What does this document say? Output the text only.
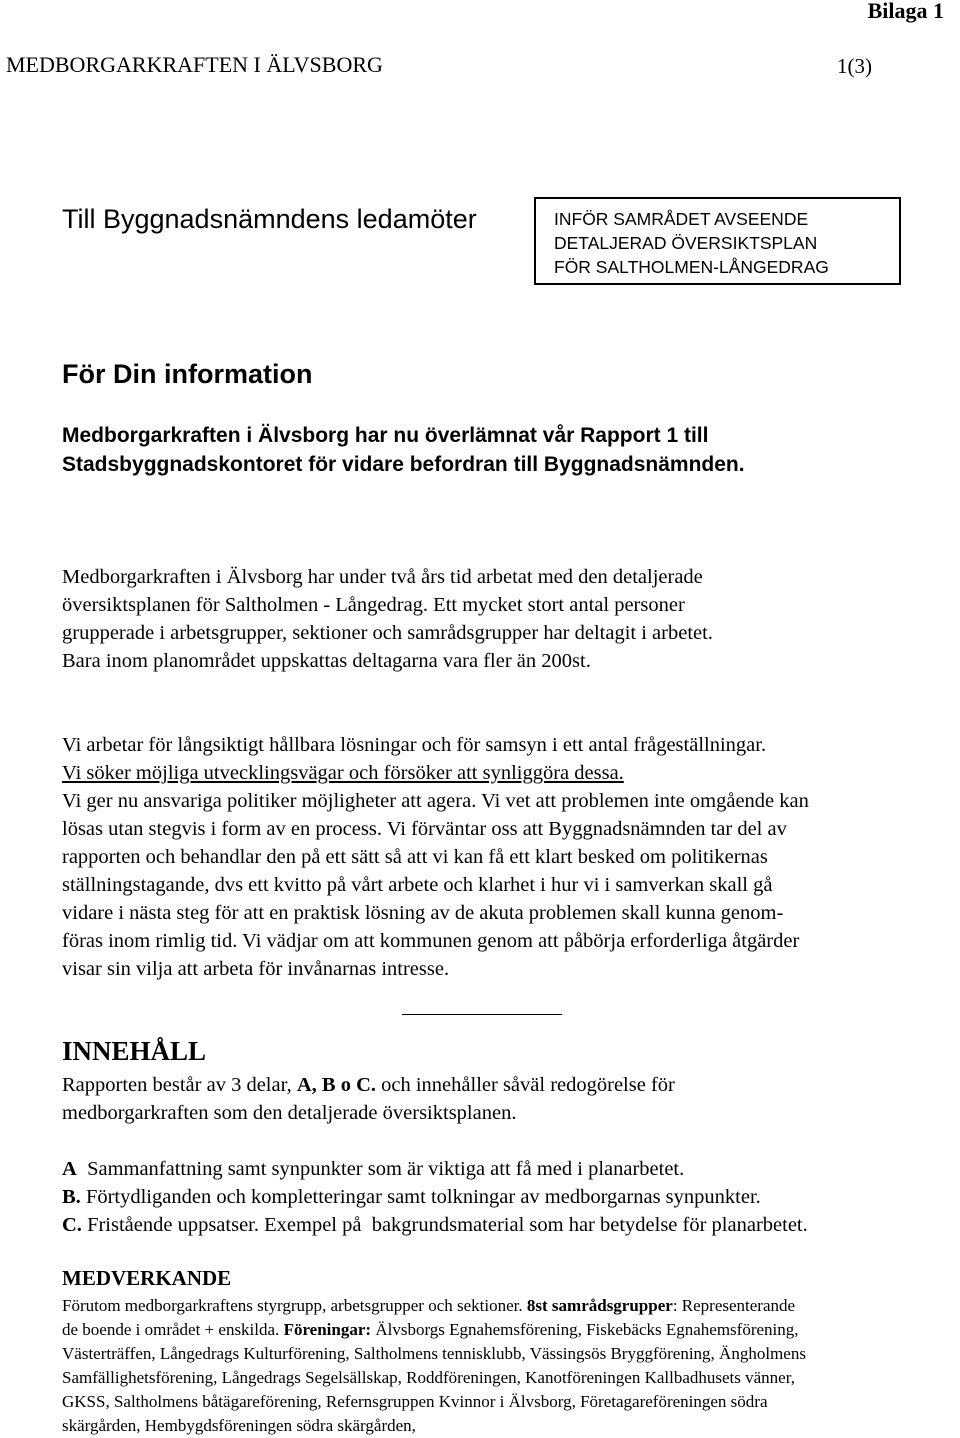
Bilaga 1
MEDBORGARKRAFTEN I ÄLVSBORG	1(3)
Till Byggnadsnämndens ledamöter	INFÖR SAMRÅDET AVSEENDE
DETALJERAD ÖVERSIKTSPLAN
FÖR SALTHOLMEN-LÅNGEDRAG
För Din information
Medborgarkraften i Älvsborg har nu överlämnat vår Rapport 1 till
Stadsbyggnadskontoret för vidare befordran till Byggnadsnämnden.
Medborgarkraften i Älvsborg har under två års tid arbetat med den detaljerade
översiktsplanen för Saltholmen - Långedrag. Ett mycket stort antal personer
grupperade i arbetsgrupper, sektioner och samrådsgrupper har deltagit i arbetet.
Bara inom planområdet uppskattas deltagarna vara fler än 200st.
Vi arbetar för långsiktigt hållbara lösningar och för samsyn i ett antal frågeställningar.
Vi söker möjliga utvecklingsvägar och försöker att synliggöra dessa.
Vi ger nu ansvariga politiker möjligheter att agera. Vi vet att problemen inte omgående kan
lösas utan stegvis i form av en process. Vi förväntar oss att Byggnadsnämnden tar del av
rapporten och behandlar den på ett sätt så att vi kan få ett klart besked om politikernas
ställningstagande, dvs ett kvitto på vårt arbete och klarhet i hur vi i samverkan skall gå
vidare i nästa steg för att en praktisk lösning av de akuta problemen skall kunna genom-
föras inom rimlig tid. Vi vädjar om att kommunen genom att påbörja erforderliga åtgärder
visar sin vilja att arbeta för invånarnas intresse.
INNEHÅLL
Rapporten består av 3 delar, A, B o C. och innehåller såväl redogörelse för
medborgarkraften som den detaljerade översiktsplanen.
A  Sammanfattning samt synpunkter som är viktiga att få med i planarbetet.
B. Förtydliganden och kompletteringar samt tolkningar av medborgarnas synpunkter.
C. Fristående uppsatser. Exempel på  bakgrundsmaterial som har betydelse för planarbetet.
MEDVERKANDE
Förutom medborgarkraftens styrgrupp, arbetsgrupper och sektioner. 8st samrådsgrupper: Representerande
de boende i området + enskilda. Föreningar: Älvsborgs Egnahemsförening, Fiskebäcks Egnahemsförening,
Västerträffen, Långedrags Kulturförening, Saltholmens tennisklubb, Vässingsös Bryggförening, Ängholmens
Samfällighetsförening, Långedrags Segelsällskap, Roddföreningen, Kanotföreningen Kallbadhusets vänner,
GKSS, Saltholmens båtägareförening, Refernsgruppen Kvinnor i Älvsborg, Företagareföreningen södra
skärgården, Hembygdsföreningen södra skärgården,
